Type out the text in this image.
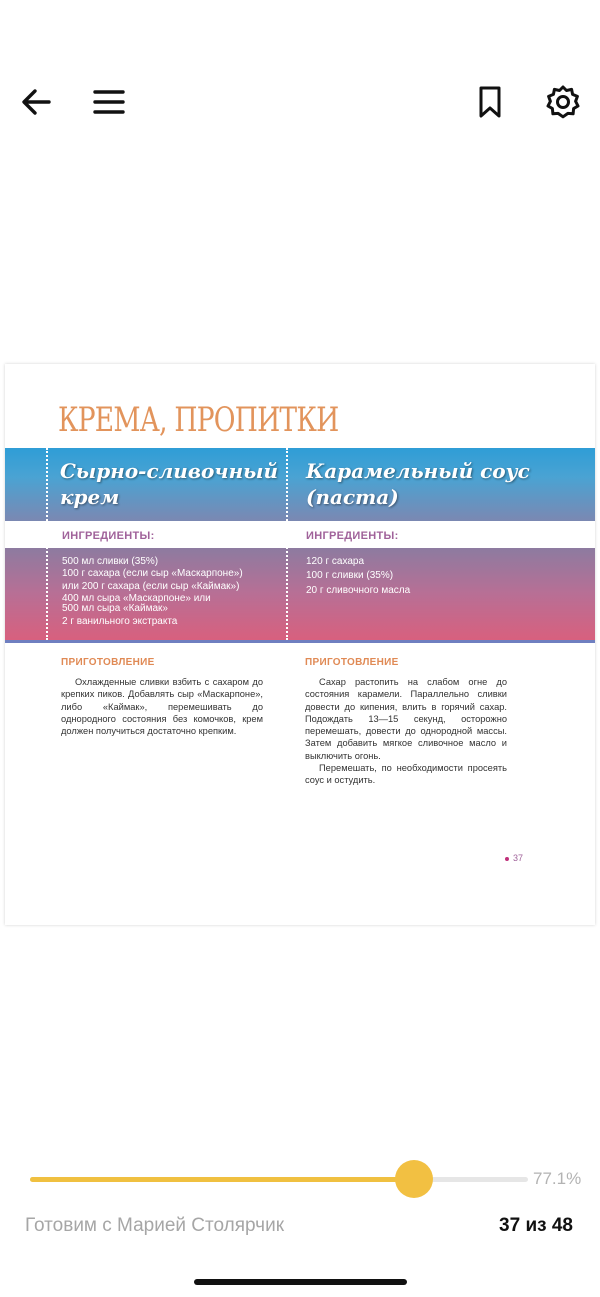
КРЕМА, ПРОПИТКИ
Сырно-сливочный
крем
ИНГРЕДИЕНТЫ:
500 мл сливки (35%)
100 г сахара (если сыр «Маскарпоне»)
или 200 г сахара (если сыр «Каймак»)
400 мл сыра «Маскарпоне» или
500 мл сыра «Каймак»
2 г ванильного экстракта
ПРИГОТОВЛЕНИЕ

Охлажденные сливки взбить с сахаром до крепких пиков. Добавлять сыр «Маскарпоне», либо «Каймак», перемешивать до однородного состояния без комочков, крем должен получиться достаточно крепким.

Карамельный соус
(паста)
ИНГРЕДИЕНТЫ:
120 г сахара
100 г сливки (35%)
20 г сливочного масла
ПРИГОТОВЛЕНИЕ

Сахар растопить на слабом огне до состояния карамели. Параллельно сливки довести до кипения, влить в горячий сахар. Подождать 13—15 секунд, осторожно перемешать, довести до однородной массы. Затем добавить мягкое сливочное масло и выключить огонь.

Перемешать, по необходимости просеять соус и остудить.

37
77.1%
Готовим с Марией Столярчик	37 из 48
